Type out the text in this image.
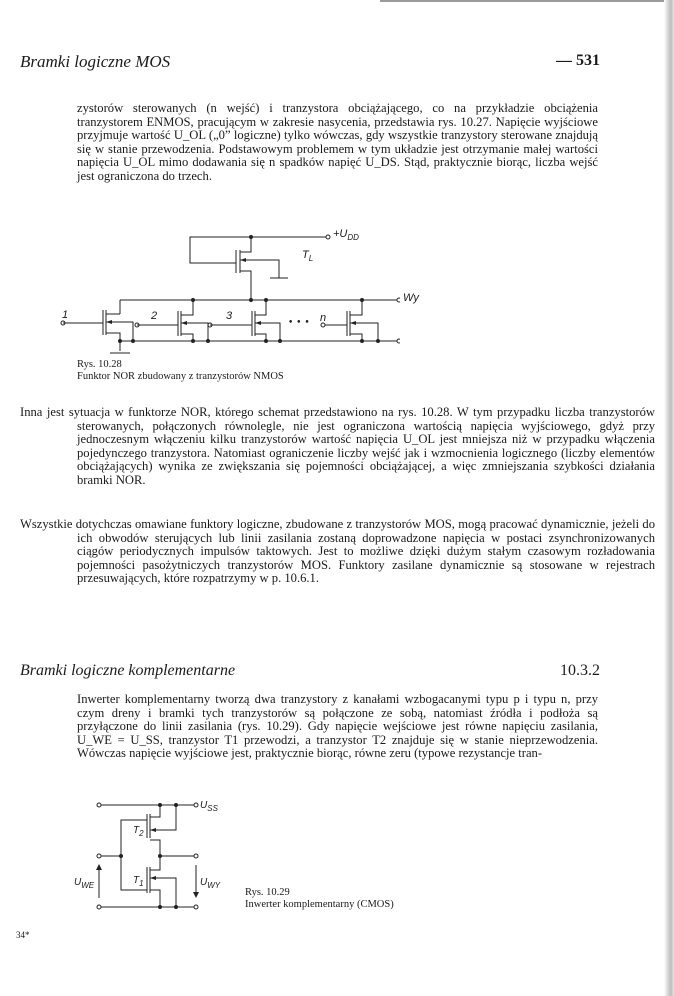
Bramki logiczne MOS	— 531
zystorów sterowanych (n wejść) i tranzystora obciążającego, co na przykładzie obciążenia tranzystorem ENMOS, pracującym w zakresie nasycenia, przedstawia rys. 10.27. Napięcie wyjściowe przyjmuje wartość U_OL („0” logiczne) tylko wówczas, gdy wszystkie tranzystory sterowane znajdują się w stanie przewodzenia. Podstawowym problemem w tym układzie jest otrzymanie małej wartości napięcia U_OL mimo dodawania się n spadków napięć U_DS. Stąd, praktycznie biorąc, liczba wejść jest ograniczona do trzech.
$+U_{DD}$
$T_L$
Wy
1	2	3	n
• • •
Rys. 10.28
Funktor NOR zbudowany z tranzystorów NMOS
Inna jest sytuacja w funktorze NOR, którego schemat przedstawiono na rys. 10.28. W tym przypadku liczba tranzystorów sterowanych, połączonych równolegle, nie jest ograniczona wartością napięcia wyjściowego, gdyż przy jednoczesnym włączeniu kilku tranzystorów wartość napięcia U_OL jest mniejsza niż w przypadku włączenia pojedynczego tranzystora. Natomiast ograniczenie liczby wejść jak i wzmocnienia logicznego (liczby elementów obciążających) wynika ze zwiększania się pojemności obciążającej, a więc zmniejszania szybkości działania bramki NOR.
Wszystkie dotychczas omawiane funktory logiczne, zbudowane z tranzystorów MOS, mogą pracować dynamicznie, jeżeli do ich obwodów sterujących lub linii zasilania zostaną doprowadzone napięcia w postaci zsynchronizowanych ciągów periodycznych impulsów taktowych. Jest to możliwe dzięki dużym stałym czasowym rozładowania pojemności pasożytniczych tranzystorów MOS. Funktory zasilane dynamicznie są stosowane w rejestrach przesuwających, które rozpatrzymy w p. 10.6.1.
Bramki logiczne komplementarne	10.3.2
Inwerter komplementarny tworzą dwa tranzystory z kanałami wzbogacanymi typu p i typu n, przy czym dreny i bramki tych tranzystorów są połączone ze sobą, natomiast źródła i podłoża są przyłączone do linii zasilania (rys. 10.29). Gdy napięcie wejściowe jest równe napięciu zasilania, U_WE = U_SS, tranzystor T1 przewodzi, a tranzystor T2 znajduje się w stanie nieprzewodzenia. Wówczas napięcie wyjściowe jest, praktycznie biorąc, równe zeru (typowe rezystancje tran-
$U_{SS}$
$T_2$
$T_1$
$U_{WE}$	$U_{WY}$
Rys. 10.29
Inwerter komplementarny (CMOS)
34*
